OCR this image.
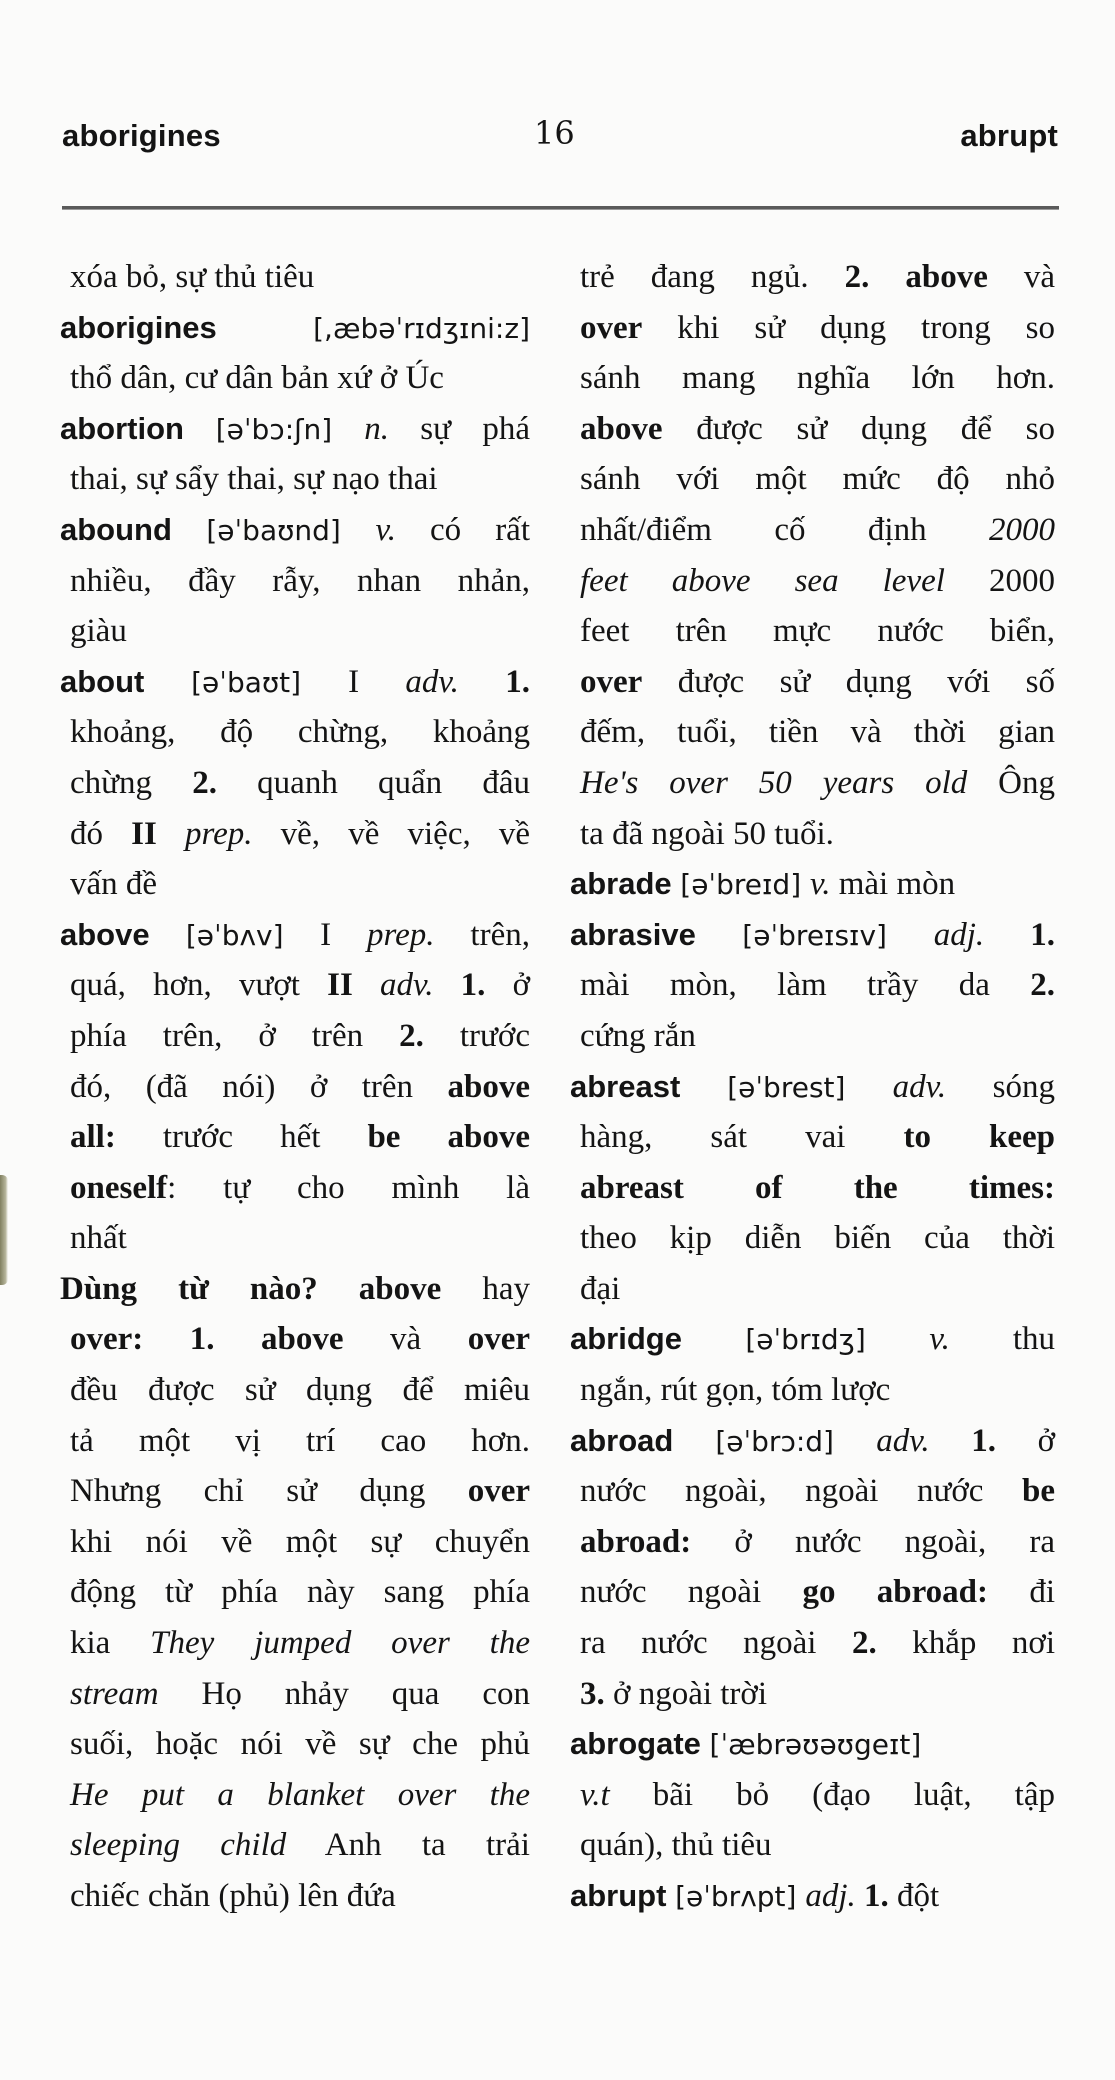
aborigines	16	abrupt
xóa bỏ, sự thủ tiêu
aborigines [,æbəˈrɪdʒɪni:z]
thổ dân, cư dân bản xứ ở Úc
abortion [əˈbɔ:ʃn] n. sự phá
thai, sự sẩy thai, sự nạo thai
abound [əˈbaʊnd] v. có rất
nhiều, đầy rẫy, nhan nhản,
giàu
about [əˈbaʊt] I adv. 1.
khoảng, độ chừng, khoảng
chừng 2. quanh quẩn đâu
đó II prep. về, về việc, về
vấn đề
above [əˈbʌv] I prep. trên,
quá, hơn, vượt II adv. 1. ở
phía trên, ở trên 2. trước
đó, (đã nói) ở trên above
all: trước hết be above
oneself: tự cho mình là
nhất
Dùng từ nào? above hay
over: 1. above và over
đều được sử dụng để miêu
tả một vị trí cao hơn.
Nhưng chỉ sử dụng over
khi nói về một sự chuyển
động từ phía này sang phía
kia They jumped over the
stream Họ nhảy qua con
suối, hoặc nói về sự che phủ
He put a blanket over the
sleeping child Anh ta trải
chiếc chăn (phủ) lên đứa
trẻ đang ngủ. 2. above và
over khi sử dụng trong so
sánh mang nghĩa lớn hơn.
above được sử dụng để so
sánh với một mức độ nhỏ
nhất/điểm cố định 2000
feet above sea level 2000
feet trên mực nước biển,
over được sử dụng với số
đếm, tuổi, tiền và thời gian
He's over 50 years old Ông
ta đã ngoài 50 tuổi.
abrade [əˈbreɪd] v. mài mòn
abrasive [əˈbreɪsɪv] adj. 1.
mài mòn, làm trầy da 2.
cứng rắn
abreast [əˈbrest] adv. sóng
hàng, sát vai to keep
abreast of the times:
theo kịp diễn biến của thời
đại
abridge [əˈbrɪdʒ] v. thu
ngắn, rút gọn, tóm lược
abroad [əˈbrɔ:d] adv. 1. ở
nước ngoài, ngoài nước be
abroad: ở nước ngoài, ra
nước ngoài go abroad: đi
ra nước ngoài 2. khắp nơi
3. ở ngoài trời
abrogate [ˈæbrəʊəʊgeɪt]
v.t bãi bỏ (đạo luật, tập
quán), thủ tiêu
abrupt [əˈbrʌpt] adj. 1. đột
